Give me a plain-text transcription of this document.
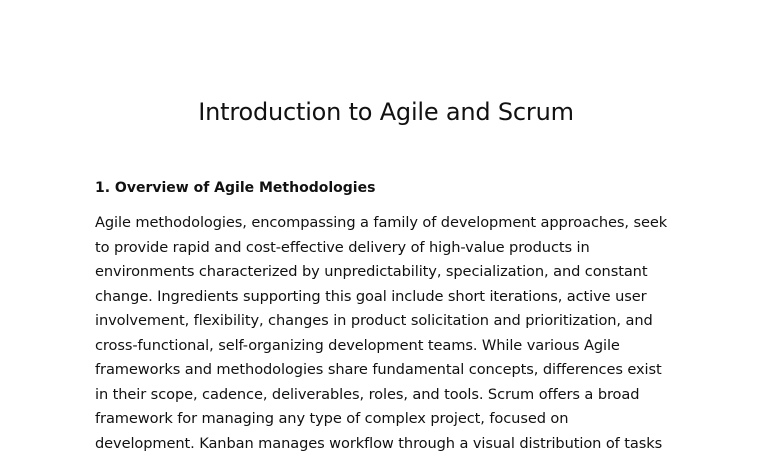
Introduction to Agile and Scrum
1. Overview of Agile Methodologies

Agile methodologies, encompassing a family of development approaches, seek
to provide rapid and cost-effective delivery of high-value products in
environments characterized by unpredictability, specialization, and constant
change. Ingredients supporting this goal include short iterations, active user
involvement, flexibility, changes in product solicitation and prioritization, and
cross-functional, self-organizing development teams. While various Agile
frameworks and methodologies share fundamental concepts, differences exist
in their scope, cadence, deliverables, roles, and tools. Scrum offers a broad
framework for managing any type of complex project, focused on
development. Kanban manages workflow through a visual distribution of tasks
